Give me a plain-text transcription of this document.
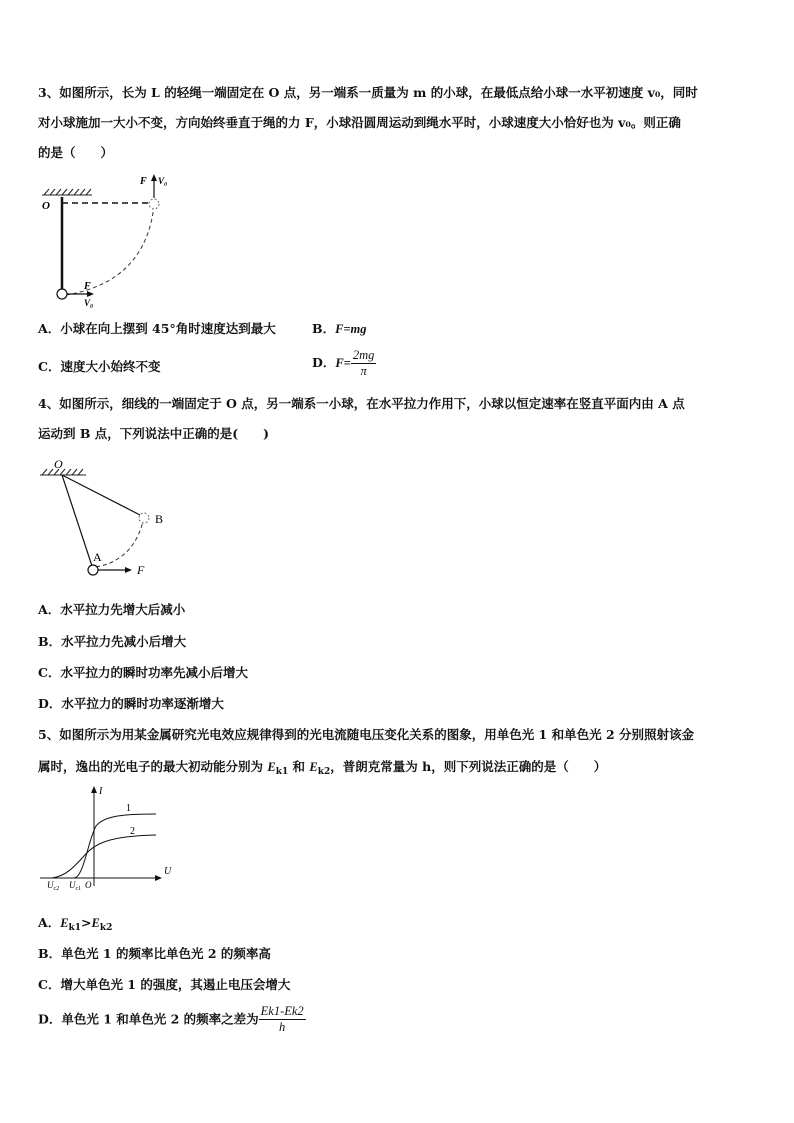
3、如图所示，长为 L 的轻绳一端固定在 O 点，另一端系一质量为 m 的小球，在最低点给小球一水平初速度 v₀，同时
对小球施加一大小不变，方向始终垂直于绳的力 F，小球沿圆周运动到绳水平时，小球速度大小恰好也为 v₀。则正确
的是（　　）
O
F V₀
F
V₀
A．小球在向上摆到 45°角时速度达到最大	B．F=mg
C．速度大小始终不变	D．$F= \frac{2mg}{\pi}$
4、如图所示，细线的一端固定于 O 点，另一端系一小球，在水平拉力作用下，小球以恒定速率在竖直平面内由 A 点
运动到 B 点，下列说法中正确的是(　　)
O
A
B
F
A．水平拉力先增大后减小
B．水平拉力先减小后增大
C．水平拉力的瞬时功率先减小后增大
D．水平拉力的瞬时功率逐渐增大
5、如图所示为用某金属研究光电效应规律得到的光电流随电压变化关系的图象，用单色光 1 和单色光 2 分别照射该金
属时，逸出的光电子的最大初动能分别为 $E_{k1}$ 和 $E_{k2}$，普朗克常量为 h，则下列说法正确的是（　　）
I
U
1
2
$U_{c2}$ $U_{c1}$ O
A．$E_{k1}>E_{k2}$
B．单色光 1 的频率比单色光 2 的频率高
C．增大单色光 1 的强度，其遏止电压会增大
D．单色光 1 和单色光 2 的频率之差为 $\frac{Ek1-Ek2}{h}$
